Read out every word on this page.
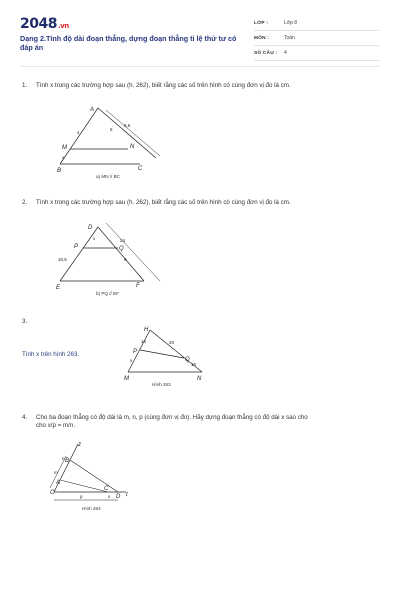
2048.vn
Dạng 2.Tính độ dài đoạn thẳng, dựng đoạn thẳng tỉ lệ thứ tư có đáp án
LỚP :	Lớp 8
MÔN :	Toán
SỐ CÂU :	4
1. Tính x trong các trường hợp sau (h. 262), biết rằng các số trên hình có cùng đơn vị đo là cm.
A
M	N
B	C
4
5
8,5
x
a) MN // BC
2. Tính x trong các trường hợp sau (h. 262), biết rằng các số trên hình có cùng đơn vị đo là cm.
D
P	Q
E	F
x	24
10,5	9
b) PQ // EF
3.
Tính x trên hình 263.
H
P
Q
N
M
16	20
15
x
Hình 263
4. Cho ba đoạn thẳng có độ dài là m, n, p (cùng đơn vị đo). Hãy dựng đoạn thẳng có độ dài x sao cho
cho x/p = m/n.
z
A
B
O
C
D t
m
n
p	x
Hình 264
